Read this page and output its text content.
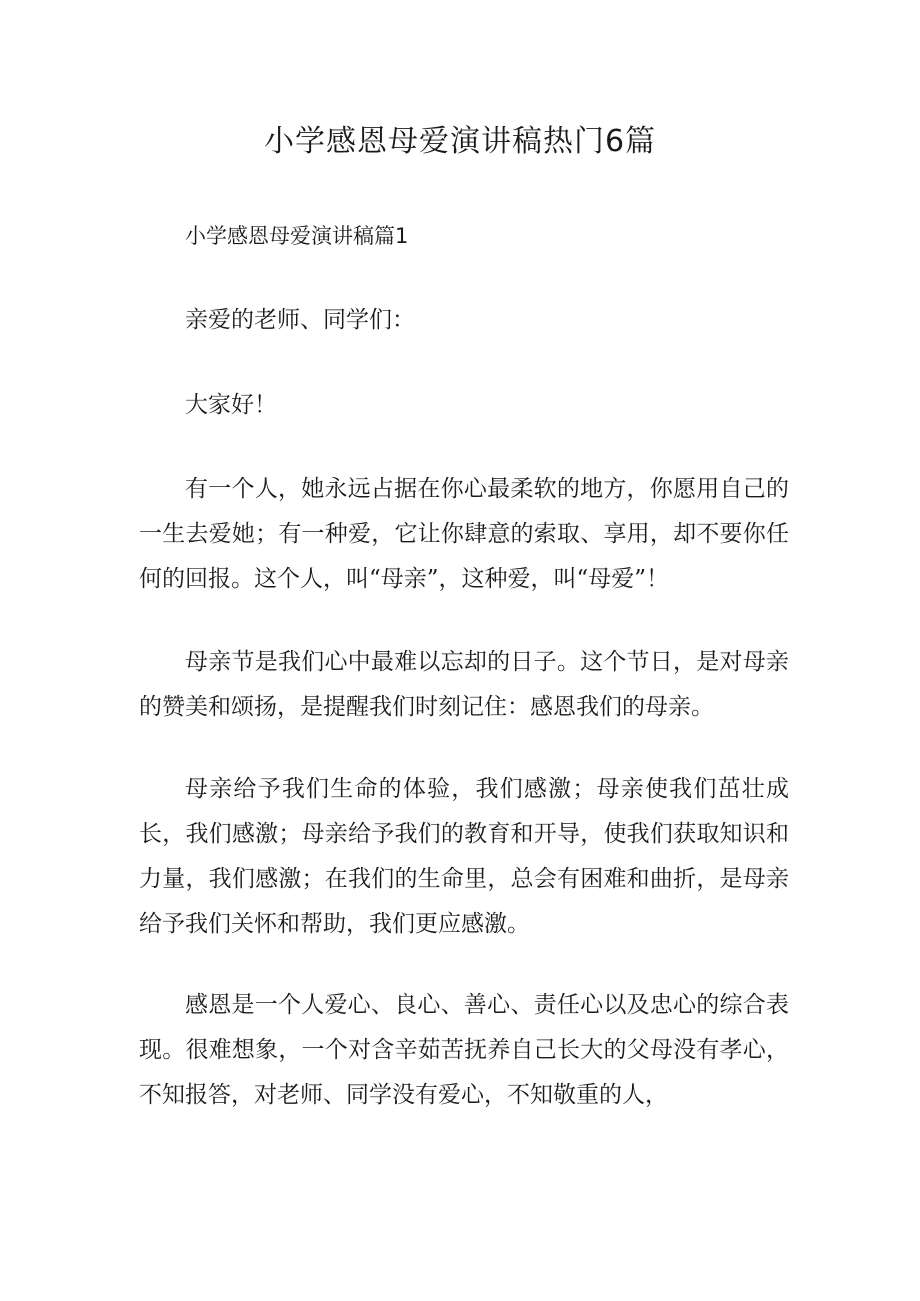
小学感恩母爱演讲稿热门6篇

小学感恩母爱演讲稿篇1

亲爱的老师、同学们：

大家好！

有一个人，她永远占据在你心最柔软的地方，你愿用自己的一生去爱她；有一种爱，它让你肆意的索取、享用，却不要你任何的回报。这个人，叫“母亲”，这种爱，叫“母爱”！

母亲节是我们心中最难以忘却的日子。这个节日，是对母亲的赞美和颂扬，是提醒我们时刻记住：感恩我们的母亲。

母亲给予我们生命的体验，我们感激；母亲使我们茁壮成长，我们感激；母亲给予我们的教育和开导，使我们获取知识和力量，我们感激；在我们的生命里，总会有困难和曲折，是母亲给予我们关怀和帮助，我们更应感激。

感恩是一个人爱心、良心、善心、责任心以及忠心的综合表现。很难想象，一个对含辛茹苦抚养自己长大的父母没有孝心，不知报答，对老师、同学没有爱心，不知敬重的人，
